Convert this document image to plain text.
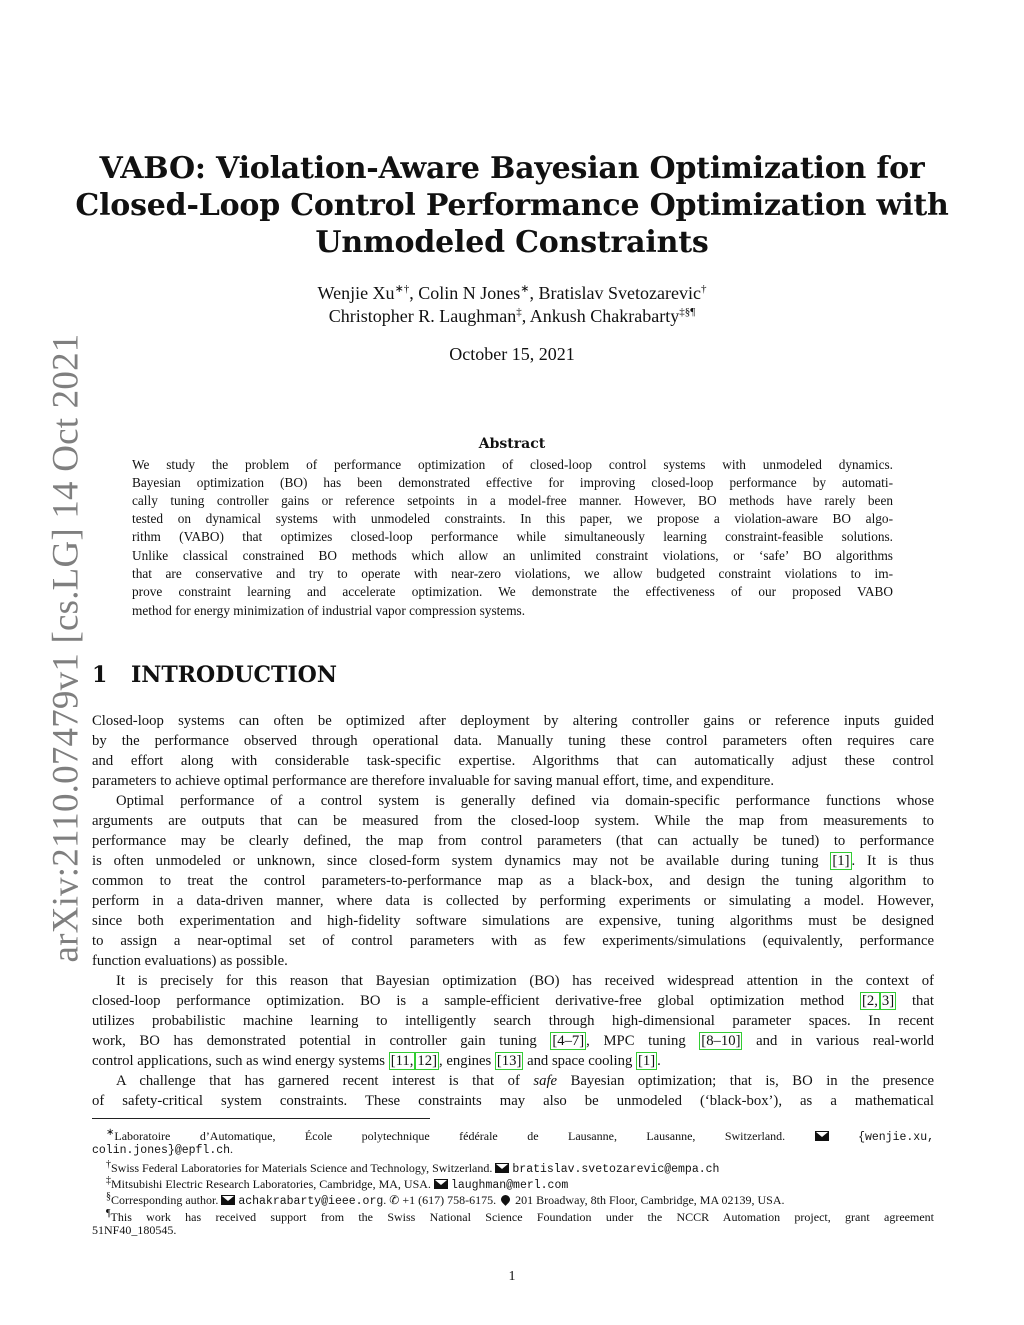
arXiv:2110.07479v1 [cs.LG] 14 Oct 2021
VABO: Violation-Aware Bayesian Optimization for
Closed-Loop Control Performance Optimization with
Unmodeled Constraints
Wenjie Xu∗†, Colin N Jones∗, Bratislav Svetozarevic†
Christopher R. Laughman‡, Ankush Chakrabarty‡§¶
October 15, 2021
Abstract
We study the problem of performance optimization of closed-loop control systems with unmodeled dynamics.
Bayesian optimization (BO) has been demonstrated effective for improving closed-loop performance by automati-
cally tuning controller gains or reference setpoints in a model-free manner. However, BO methods have rarely been
tested on dynamical systems with unmodeled constraints. In this paper, we propose a violation-aware BO algo-
rithm (VABO) that optimizes closed-loop performance while simultaneously learning constraint-feasible solutions.
Unlike classical constrained BO methods which allow an unlimited constraint violations, or ‘safe’ BO algorithms
that are conservative and try to operate with near-zero violations, we allow budgeted constraint violations to im-
prove constraint learning and accelerate optimization. We demonstrate the effectiveness of our proposed VABO
method for energy minimization of industrial vapor compression systems.
1 INTRODUCTION
Closed-loop systems can often be optimized after deployment by altering controller gains or reference inputs guided
by the performance observed through operational data. Manually tuning these control parameters often requires care
and effort along with considerable task-specific expertise. Algorithms that can automatically adjust these control
parameters to achieve optimal performance are therefore invaluable for saving manual effort, time, and expenditure.
Optimal performance of a control system is generally defined via domain-specific performance functions whose
arguments are outputs that can be measured from the closed-loop system. While the map from measurements to
performance may be clearly defined, the map from control parameters (that can actually be tuned) to performance
is often unmodeled or unknown, since closed-form system dynamics may not be available during tuning [1] . It is thus
common to treat the control parameters-to-performance map as a black-box, and design the tuning algorithm to
perform in a data-driven manner, where data is collected by performing experiments or simulating a model. However,
since both experimentation and high-fidelity software simulations are expensive, tuning algorithms must be designed
to assign a near-optimal set of control parameters with as few experiments/simulations (equivalently, performance
function evaluations) as possible.
It is precisely for this reason that Bayesian optimization (BO) has received widespread attention in the context of
closed-loop performance optimization. BO is a sample-efficient derivative-free global optimization method [2, 3] that
utilizes probabilistic machine learning to intelligently search through high-dimensional parameter spaces. In recent
work, BO has demonstrated potential in controller gain tuning [4–7] , MPC tuning [8–10] and in various real-world
control applications, such as wind energy systems [11, 12] , engines [13] and space cooling [1] .
A challenge that has garnered recent interest is that of safe Bayesian optimization; that is, BO in the presence
of safety-critical system constraints. These constraints may also be unmodeled (‘black-box’), as a mathematical
∗Laboratoire d’Automatique, École polytechnique fédérale de Lausanne, Lausanne, Switzerland.	{wenjie.xu,
colin.jones}@epfl.ch.
†Swiss Federal Laboratories for Materials Science and Technology, Switzerland. bratislav.svetozarevic@empa.ch
‡Mitsubishi Electric Research Laboratories, Cambridge, MA, USA. laughman@merl.com
§Corresponding author. achakrabarty@ieee.org. ✆ +1 (617) 758-6175. 201 Broadway, 8th Floor, Cambridge, MA 02139, USA.
¶This work has received support from the Swiss National Science Foundation under the NCCR Automation project, grant agreement
51NF40_180545.
1
